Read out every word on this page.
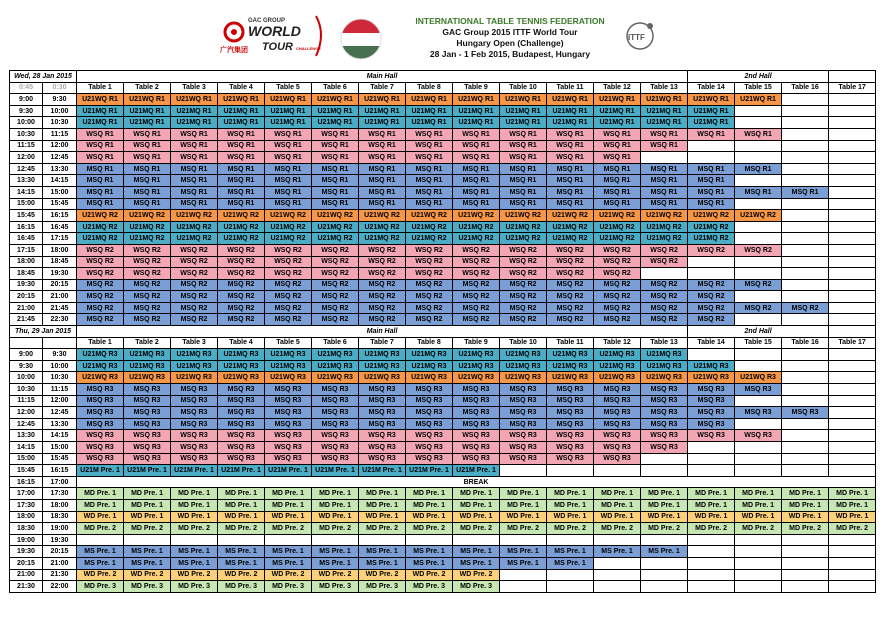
GAC GROUP
WORLD
TOUR CHALLENGE
广汽集团
INTERNATIONAL TABLE TENNIS FEDERATION
GAC Group 2015 ITTF World Tour
Hungary Open (Challenge)
28 Jan - 1 Feb 2015, Budapest, Hungary
ITTF
Wed, 28 Jan 2015		Main Hall													2nd Hall			
0:45	0:30	Table 1	Table 2	Table 3	Table 4	Table 5	Table 6	Table 7	Table 8	Table 9	Table 10	Table 11	Table 12	Table 13	Table 14	Table 15	Table 16	Table 17
9:00	9:30	U21WQ R1	U21WQ R1	U21WQ R1	U21WQ R1	U21WQ R1	U21WQ R1	U21WQ R1	U21WQ R1	U21WQ R1	U21WQ R1	U21WQ R1	U21WQ R1	U21WQ R1	U21WQ R1	U21WQ R1		
9:30	10:00	U21MQ R1	U21MQ R1	U21MQ R1	U21MQ R1	U21MQ R1	U21MQ R1	U21MQ R1	U21MQ R1	U21MQ R1	U21MQ R1	U21MQ R1	U21MQ R1	U21MQ R1	U21MQ R1			
10:00	10:30	U21MQ R1	U21MQ R1	U21MQ R1	U21MQ R1	U21MQ R1	U21MQ R1	U21MQ R1	U21MQ R1	U21MQ R1	U21MQ R1	U21MQ R1	U21MQ R1	U21MQ R1	U21MQ R1			
10:30	11:15	WSQ R1	WSQ R1	WSQ R1	WSQ R1	WSQ R1	WSQ R1	WSQ R1	WSQ R1	WSQ R1	WSQ R1	WSQ R1	WSQ R1	WSQ R1	WSQ R1	WSQ R1		
11:15	12:00	WSQ R1	WSQ R1	WSQ R1	WSQ R1	WSQ R1	WSQ R1	WSQ R1	WSQ R1	WSQ R1	WSQ R1	WSQ R1	WSQ R1	WSQ R1				
12:00	12:45	WSQ R1	WSQ R1	WSQ R1	WSQ R1	WSQ R1	WSQ R1	WSQ R1	WSQ R1	WSQ R1	WSQ R1	WSQ R1	WSQ R1					
12:45	13:30	MSQ R1	MSQ R1	MSQ R1	MSQ R1	MSQ R1	MSQ R1	MSQ R1	MSQ R1	MSQ R1	MSQ R1	MSQ R1	MSQ R1	MSQ R1	MSQ R1	MSQ R1		
13:30	14:15	MSQ R1	MSQ R1	MSQ R1	MSQ R1	MSQ R1	MSQ R1	MSQ R1	MSQ R1	MSQ R1	MSQ R1	MSQ R1	MSQ R1	MSQ R1	MSQ R1			
14:15	15:00	MSQ R1	MSQ R1	MSQ R1	MSQ R1	MSQ R1	MSQ R1	MSQ R1	MSQ R1	MSQ R1	MSQ R1	MSQ R1	MSQ R1	MSQ R1	MSQ R1	MSQ R1	MSQ R1	
15:00	15:45	MSQ R1	MSQ R1	MSQ R1	MSQ R1	MSQ R1	MSQ R1	MSQ R1	MSQ R1	MSQ R1	MSQ R1	MSQ R1	MSQ R1	MSQ R1	MSQ R1			
15:45	16:15	U21WQ R2	U21WQ R2	U21WQ R2	U21WQ R2	U21WQ R2	U21WQ R2	U21WQ R2	U21WQ R2	U21WQ R2	U21WQ R2	U21WQ R2	U21WQ R2	U21WQ R2	U21WQ R2	U21WQ R2		
16:15	16:45	U21MQ R2	U21MQ R2	U21MQ R2	U21MQ R2	U21MQ R2	U21MQ R2	U21MQ R2	U21MQ R2	U21MQ R2	U21MQ R2	U21MQ R2	U21MQ R2	U21MQ R2	U21MQ R2			
16:45	17:15	U21MQ R2	U21MQ R2	U21MQ R2	U21MQ R2	U21MQ R2	U21MQ R2	U21MQ R2	U21MQ R2	U21MQ R2	U21MQ R2	U21MQ R2	U21MQ R2	U21MQ R2	U21MQ R2			
17:15	18:00	WSQ R2	WSQ R2	WSQ R2	WSQ R2	WSQ R2	WSQ R2	WSQ R2	WSQ R2	WSQ R2	WSQ R2	WSQ R2	WSQ R2	WSQ R2	WSQ R2	WSQ R2		
18:00	18:45	WSQ R2	WSQ R2	WSQ R2	WSQ R2	WSQ R2	WSQ R2	WSQ R2	WSQ R2	WSQ R2	WSQ R2	WSQ R2	WSQ R2	WSQ R2				
18:45	19:30	WSQ R2	WSQ R2	WSQ R2	WSQ R2	WSQ R2	WSQ R2	WSQ R2	WSQ R2	WSQ R2	WSQ R2	WSQ R2	WSQ R2					
19:30	20:15	MSQ R2	MSQ R2	MSQ R2	MSQ R2	MSQ R2	MSQ R2	MSQ R2	MSQ R2	MSQ R2	MSQ R2	MSQ R2	MSQ R2	MSQ R2	MSQ R2	MSQ R2		
20:15	21:00	MSQ R2	MSQ R2	MSQ R2	MSQ R2	MSQ R2	MSQ R2	MSQ R2	MSQ R2	MSQ R2	MSQ R2	MSQ R2	MSQ R2	MSQ R2	MSQ R2			
21:00	21:45	MSQ R2	MSQ R2	MSQ R2	MSQ R2	MSQ R2	MSQ R2	MSQ R2	MSQ R2	MSQ R2	MSQ R2	MSQ R2	MSQ R2	MSQ R2	MSQ R2	MSQ R2	MSQ R2	
21:45	22:30	MSQ R2	MSQ R2	MSQ R2	MSQ R2	MSQ R2	MSQ R2	MSQ R2	MSQ R2	MSQ R2	MSQ R2	MSQ R2	MSQ R2	MSQ R2	MSQ R2			
Thu, 29 Jan 2015		Main Hall													2nd Hall			
		Table 1	Table 2	Table 3	Table 4	Table 5	Table 6	Table 7	Table 8	Table 9	Table 10	Table 11	Table 12	Table 13	Table 14	Table 15	Table 16	Table 17
9:00	9:30	U21MQ R3	U21MQ R3	U21MQ R3	U21MQ R3	U21MQ R3	U21MQ R3	U21MQ R3	U21MQ R3	U21MQ R3	U21MQ R3	U21MQ R3	U21MQ R3	U21MQ R3				
9:30	10:00	U21MQ R3	U21MQ R3	U21MQ R3	U21MQ R3	U21MQ R3	U21MQ R3	U21MQ R3	U21MQ R3	U21MQ R3	U21MQ R3	U21MQ R3	U21MQ R3	U21MQ R3	U21MQ R3			
10:00	10:30	U21WQ R3	U21WQ R3	U21WQ R3	U21WQ R3	U21WQ R3	U21WQ R3	U21WQ R3	U21WQ R3	U21WQ R3	U21WQ R3	U21WQ R3	U21WQ R3	U21WQ R3	U21WQ R3	U21WQ R3		
10:30	11:15	MSQ R3	MSQ R3	MSQ R3	MSQ R3	MSQ R3	MSQ R3	MSQ R3	MSQ R3	MSQ R3	MSQ R3	MSQ R3	MSQ R3	MSQ R3	MSQ R3	MSQ R3		
11:15	12:00	MSQ R3	MSQ R3	MSQ R3	MSQ R3	MSQ R3	MSQ R3	MSQ R3	MSQ R3	MSQ R3	MSQ R3	MSQ R3	MSQ R3	MSQ R3	MSQ R3			
12:00	12:45	MSQ R3	MSQ R3	MSQ R3	MSQ R3	MSQ R3	MSQ R3	MSQ R3	MSQ R3	MSQ R3	MSQ R3	MSQ R3	MSQ R3	MSQ R3	MSQ R3	MSQ R3	MSQ R3	
12:45	13:30	MSQ R3	MSQ R3	MSQ R3	MSQ R3	MSQ R3	MSQ R3	MSQ R3	MSQ R3	MSQ R3	MSQ R3	MSQ R3	MSQ R3	MSQ R3	MSQ R3			
13:30	14:15	WSQ R3	WSQ R3	WSQ R3	WSQ R3	WSQ R3	WSQ R3	WSQ R3	WSQ R3	WSQ R3	WSQ R3	WSQ R3	WSQ R3	WSQ R3	WSQ R3	WSQ R3		
14:15	15:00	WSQ R3	WSQ R3	WSQ R3	WSQ R3	WSQ R3	WSQ R3	WSQ R3	WSQ R3	WSQ R3	WSQ R3	WSQ R3	WSQ R3	WSQ R3				
15:00	15:45	WSQ R3	WSQ R3	WSQ R3	WSQ R3	WSQ R3	WSQ R3	WSQ R3	WSQ R3	WSQ R3	WSQ R3	WSQ R3	WSQ R3					
15:45	16:15	U21M Pre. 1	U21M Pre. 1	U21M Pre. 1	U21M Pre. 1	U21M Pre. 1	U21M Pre. 1	U21M Pre. 1	U21M Pre. 1	U21M Pre. 1								
16:15	17:00	BREAK																
17:00	17:30	MD Pre. 1	MD Pre. 1	MD Pre. 1	MD Pre. 1	MD Pre. 1	MD Pre. 1	MD Pre. 1	MD Pre. 1	MD Pre. 1	MD Pre. 1	MD Pre. 1	MD Pre. 1	MD Pre. 1	MD Pre. 1	MD Pre. 1	MD Pre. 1	MD Pre. 1
17:30	18:00	MD Pre. 1	MD Pre. 1	MD Pre. 1	MD Pre. 1	MD Pre. 1	MD Pre. 1	MD Pre. 1	MD Pre. 1	MD Pre. 1	MD Pre. 1	MD Pre. 1	MD Pre. 1	MD Pre. 1	MD Pre. 1	MD Pre. 1	MD Pre. 1	MD Pre. 1
18:00	18:30	WD Pre. 1	WD Pre. 1	WD Pre. 1	WD Pre. 1	WD Pre. 1	WD Pre. 1	WD Pre. 1	WD Pre. 1	WD Pre. 1	WD Pre. 1	WD Pre. 1	WD Pre. 1	WD Pre. 1	WD Pre. 1	WD Pre. 1	WD Pre. 1	WD Pre. 1
18:30	19:00	MD Pre. 2	MD Pre. 2	MD Pre. 2	MD Pre. 2	MD Pre. 2	MD Pre. 2	MD Pre. 2	MD Pre. 2	MD Pre. 2	MD Pre. 2	MD Pre. 2	MD Pre. 2	MD Pre. 2	MD Pre. 2	MD Pre. 2	MD Pre. 2	MD Pre. 2
19:00	19:30																	
19:30	20:15	MS Pre. 1	MS Pre. 1	MS Pre. 1	MS Pre. 1	MS Pre. 1	MS Pre. 1	MS Pre. 1	MS Pre. 1	MS Pre. 1	MS Pre. 1	MS Pre. 1	MS Pre. 1	MS Pre. 1				
20:15	21:00	MS Pre. 1	MS Pre. 1	MS Pre. 1	MS Pre. 1	MS Pre. 1	MS Pre. 1	MS Pre. 1	MS Pre. 1	MS Pre. 1	MS Pre. 1	MS Pre. 1						
21:00	21:30	WD Pre. 2	WD Pre. 2	WD Pre. 2	WD Pre. 2	WD Pre. 2	WD Pre. 2	WD Pre. 2	WD Pre. 2	WD Pre. 2								
21:30	22:00	MD Pre. 3	MD Pre. 3	MD Pre. 3	MD Pre. 3	MD Pre. 3	MD Pre. 3	MD Pre. 3	MD Pre. 3	MD Pre. 3								
